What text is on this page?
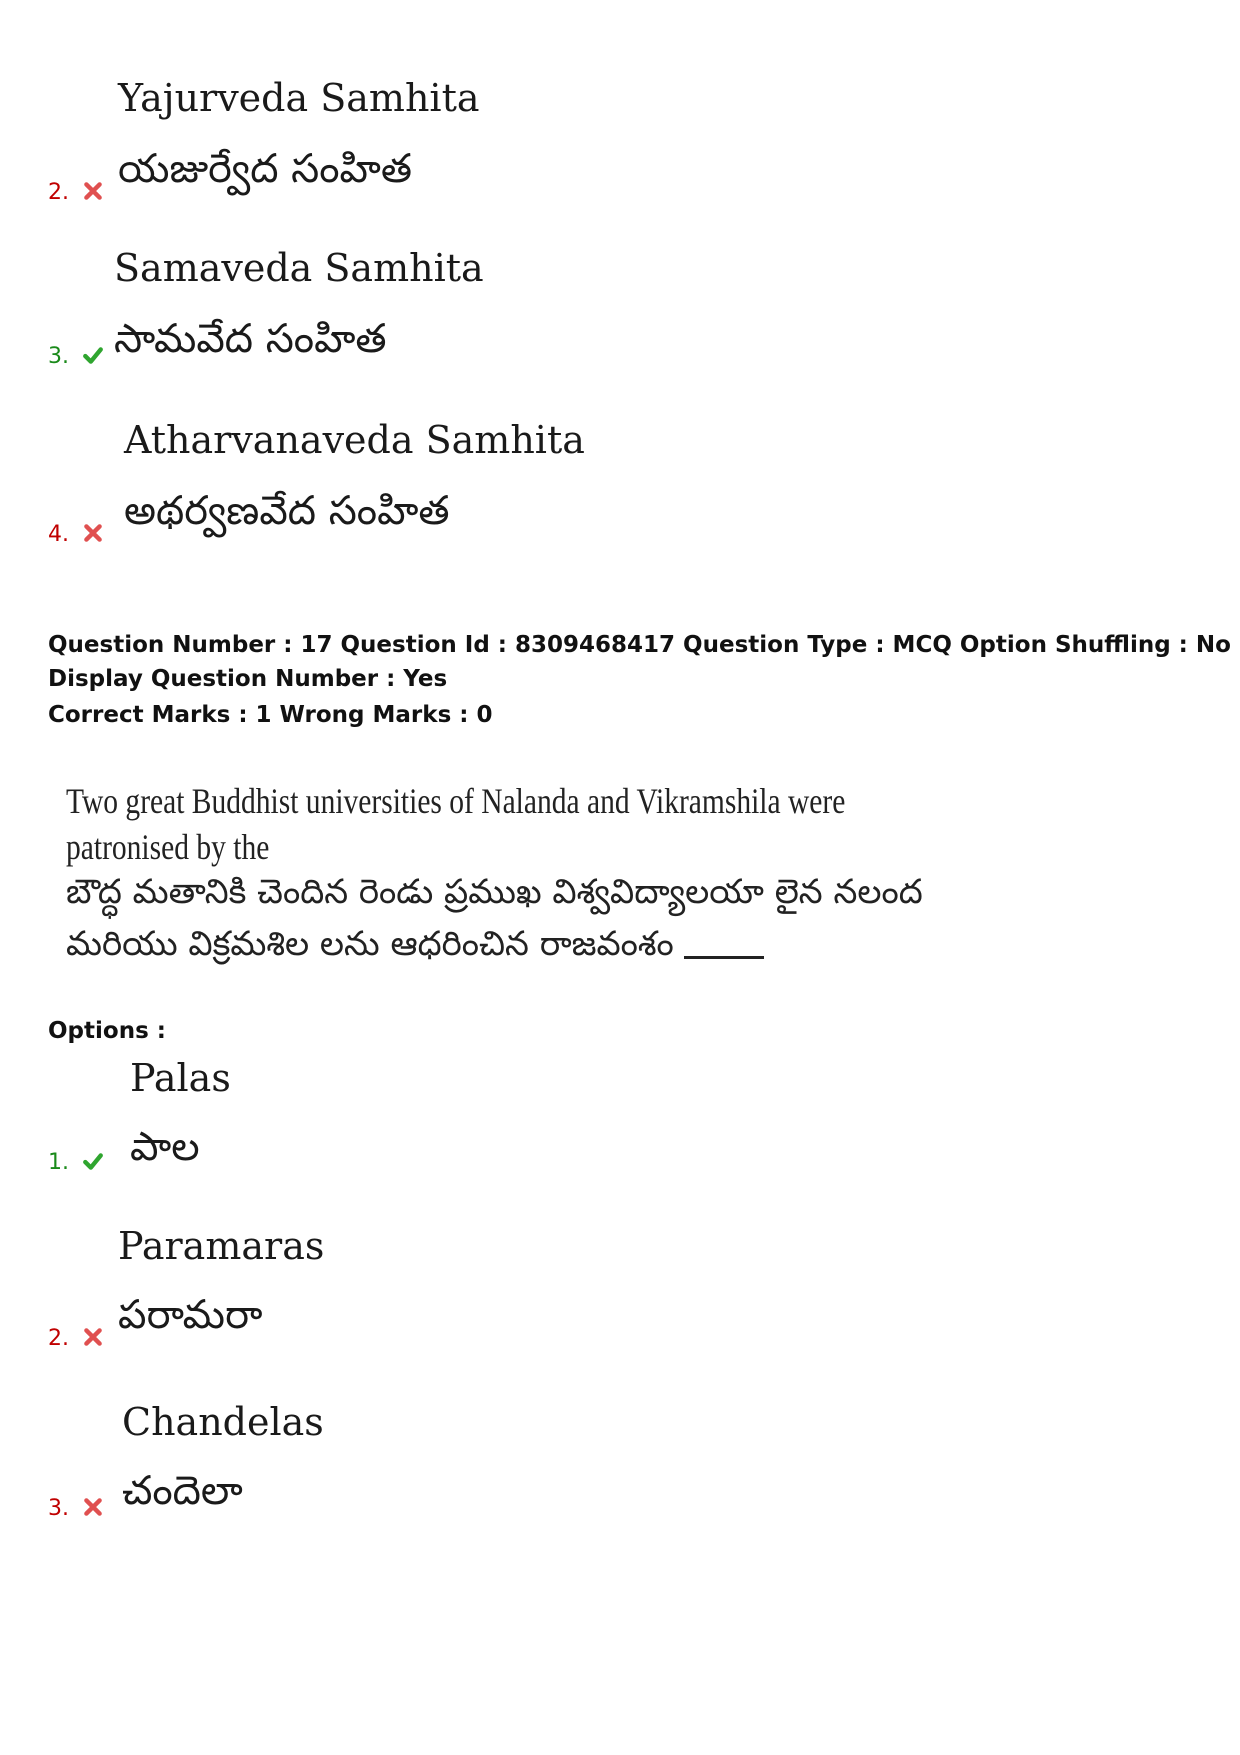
Yajurveda Samhita
యజుర్వేద సంహిత
2.
Samaveda Samhita
సామవేద సంహిత
3.
Atharvanaveda Samhita
అథర్వణవేద సంహిత
4.
Question Number : 17 Question Id : 8309468417 Question Type : MCQ Option Shuffling : No
Display Question Number : Yes
Correct Marks : 1 Wrong Marks : 0
Two great Buddhist universities of Nalanda and Vikramshila were
patronised by the
బౌద్ధ మతానికి చెందిన రెండు ప్రముఖ విశ్వవిద్యాలయా లైన నలంద
మరియు విక్రమశిల లను ఆధరించిన రాజవంశం
Options :
Palas
పాల
1.
Paramaras
పరామరా
2.
Chandelas
చందెలా
3.
